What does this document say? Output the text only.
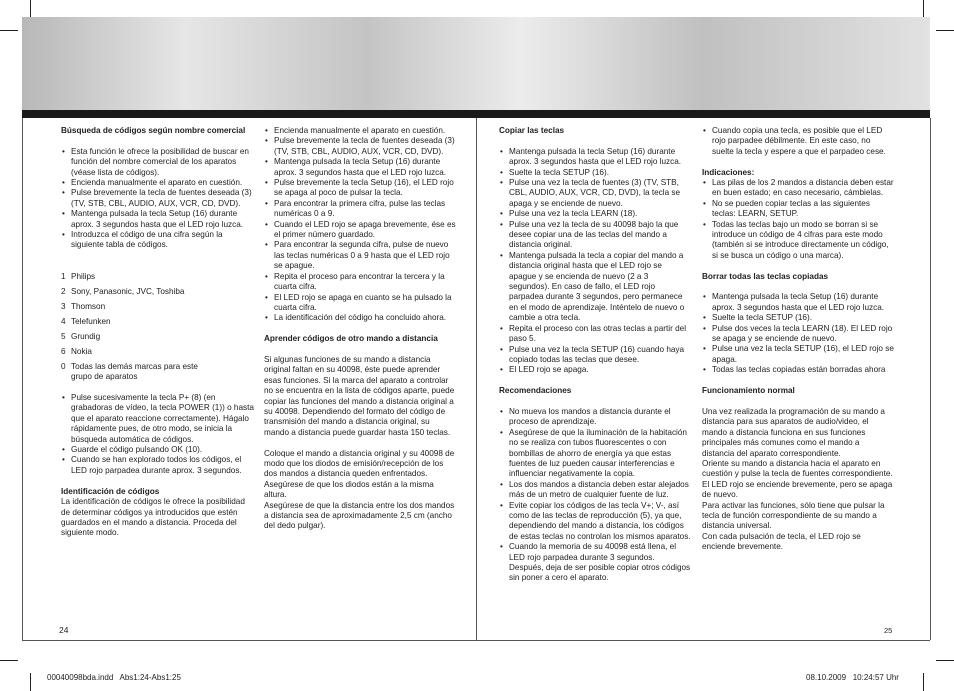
Búsqueda de códigos según nombre comercial

• Esta función le ofrece la posibilidad de buscar en función del nombre comercial de los aparatos (véase lista de códigos).

• Encienda manualmente el aparato en cuestión.

• Pulse brevemente la tecla de fuentes deseada (3) (TV, STB, CBL, AUDIO, AUX, VCR, CD, DVD).

• Mantenga pulsada la tecla Setup (16) durante aprox. 3 segundos hasta que el LED rojo luzca.

• Introduzca el código de una cifra según la siguiente tabla de códigos.

1 Philips
2 Sony, Panasonic, JVC, Toshiba
3 Thomson
4 Telefunken
5 Grundig
6 Nokia
0 Todas las demás marcas para este grupo de aparatos

• Pulse sucesivamente la tecla P+ (8) (en grabadoras de vídeo, la tecla POWER (1)) o hasta que el aparato reaccione correctamente). Hágalo rápidamente pues, de otro modo, se inicia la búsqueda automática de códigos.

• Guarde el código pulsando OK (10).

• Cuando se han explorado todos los códigos, el LED rojo parpadea durante aprox. 3 segundos.

Identificación de códigos

La identificación de códigos le ofrece la posibilidad de determinar códigos ya introducidos que estén guardados en el mando a distancia. Proceda del siguiente modo.

• Encienda manualmente el aparato en cuestión.

• Pulse brevemente la tecla de fuentes deseada (3) (TV, STB, CBL, AUDIO, AUX, VCR, CD, DVD).

• Mantenga pulsada la tecla Setup (16) durante aprox. 3 segundos hasta que el LED rojo luzca.

• Pulse brevemente la tecla Setup (16), el LED rojo se apaga al poco de pulsar la tecla.

• Para encontrar la primera cifra, pulse las teclas numéricas 0 a 9.

• Cuando el LED rojo se apaga brevemente, ése es el primer número guardado.

• Para encontrar la segunda cifra, pulse de nuevo las teclas numéricas 0 a 9 hasta que el LED rojo se apague.

• Repita el proceso para encontrar la tercera y la cuarta cifra.

• El LED rojo se apaga en cuanto se ha pulsado la cuarta cifra.

• La identificación del código ha concluido ahora.

Aprender códigos de otro mando a distancia

Si algunas funciones de su mando a distancia original faltan en su 40098, éste puede aprender esas funciones. Si la marca del aparato a controlar no se encuentra en la lista de códigos aparte, puede copiar las funciones del mando a distancia original a su 40098. Dependiendo del formato del código de transmisión del mando a distancia original, su mando a distancia puede guardar hasta 150 teclas.

Coloque el mando a distancia original y su 40098 de modo que los diodos de emisión/recepción de los dos mandos a distancia queden enfrentados. Asegúrese de que los diodos están a la misma altura.

Asegúrese de que la distancia entre los dos mandos a distancia sea de aproximadamente 2,5 cm (ancho del dedo pulgar).

Copiar las teclas

• Mantenga pulsada la tecla Setup (16) durante aprox. 3 segundos hasta que el LED rojo luzca.

• Suelte la tecla SETUP (16).

• Pulse una vez la tecla de fuentes (3) (TV, STB, CBL, AUDIO, AUX, VCR, CD, DVD), la tecla se apaga y se enciende de nuevo.

• Pulse una vez la tecla LEARN (18).

• Pulse una vez la tecla de su 40098 bajo la que desee copiar una de las teclas del mando a distancia original.

• Mantenga pulsada la tecla a copiar del mando a distancia original hasta que el LED rojo se apague y se encienda de nuevo (2 a 3 segundos). En caso de fallo, el LED rojo parpadea durante 3 segundos, pero permanece en el modo de aprendizaje. Inténtelo de nuevo o cambie a otra tecla.

• Repita el proceso con las otras teclas a partir del paso 5.

• Pulse una vez la tecla SETUP (16) cuando haya copiado todas las teclas que desee.

• El LED rojo se apaga.

Recomendaciones

• No mueva los mandos a distancia durante el proceso de aprendizaje.

• Asegúrese de que la iluminación de la habitación no se realiza con tubos fluorescentes o con bombillas de ahorro de energía ya que estas fuentes de luz pueden causar interferencias e influenciar negativamente la copia.

• Los dos mandos a distancia deben estar alejados más de un metro de cualquier fuente de luz.

• Evite copiar los códigos de las tecla V+; V-, así como de las teclas de reproducción (5), ya que, dependiendo del mando a distancia, los códigos de estas teclas no controlan los mismos aparatos.

• Cuando la memoria de su 40098 está llena, el LED rojo parpadea durante 3 segundos. Después, deja de ser posible copiar otros códigos sin poner a cero el aparato.

• Cuando copia una tecla, es posible que el LED rojo parpadee débilmente. En este caso, no suelte la tecla y espere a que el parpadeo cese.

Indicaciones:

• Las pilas de los 2 mandos a distancia deben estar en buen estado; en caso necesario, cámbielas.

• No se pueden copiar teclas a las siguientes teclas: LEARN, SETUP.

• Todas las teclas bajo un modo se borran si se introduce un código de 4 cifras para este modo (también si se introduce directamente un código, si se busca un código o una marca).

Borrar todas las teclas copiadas

• Mantenga pulsada la tecla Setup (16) durante aprox. 3 segundos hasta que el LED rojo luzca.

• Suelte la tecla SETUP (16).

• Pulse dos veces la tecla LEARN (18). El LED rojo se apaga y se enciende de nuevo.

• Pulse una vez la tecla SETUP (16), el LED rojo se apaga.

• Todas las teclas copiadas están borradas ahora

Funcionamiento normal

Una vez realizada la programación de su mando a distancia para sus aparatos de audio/video, el mando a distancia funciona en sus funciones principales más comunes como el mando a distancia del aparato correspondiente.

Oriente su mando a distancia hacia el aparato en cuestión y pulse la tecla de fuentes correspondiente. El LED rojo se enciende brevemente, pero se apaga de nuevo.

Para activar las funciones, sólo tiene que pulsar la tecla de función correspondiente de su mando a distancia universal.

Con cada pulsación de tecla, el LED rojo se enciende brevemente.

24	25
00040098bda.indd   Abs1:24-Abs1:25	08.10.2009   10:24:57 Uhr
